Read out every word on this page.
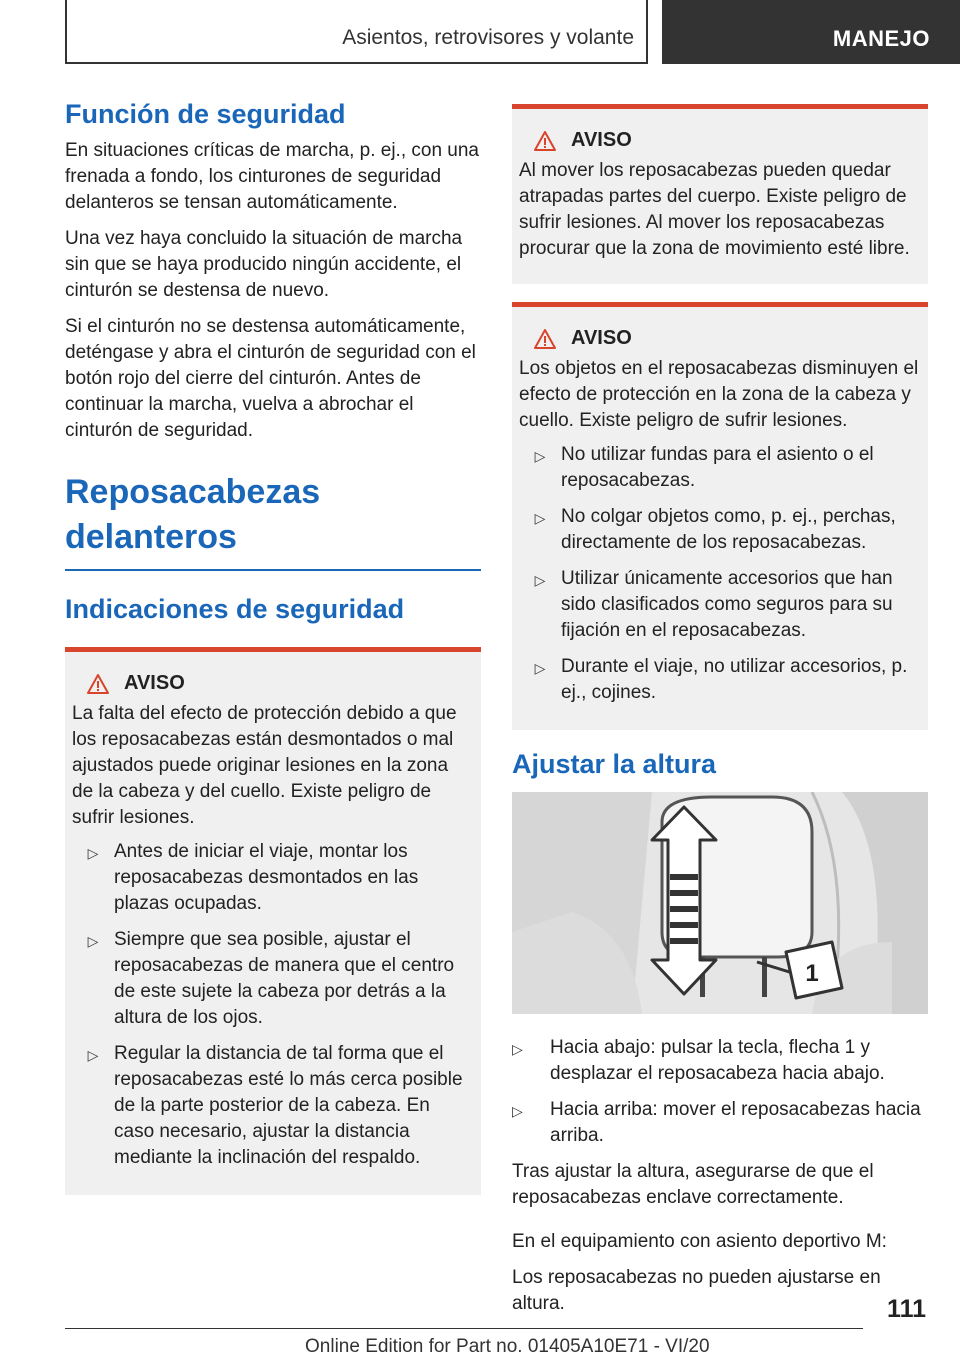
Asientos, retrovisores y volante	MANEJO
Función de seguridad

En situaciones críticas de marcha, p. ej., con una frenada a fondo, los cinturones de seguridad delanteros se tensan automáticamente.

Una vez haya concluido la situación de marcha sin que se haya producido ningún accidente, el cinturón se destensa de nuevo.

Si el cinturón no se destensa automáticamente, deténgase y abra el cinturón de seguridad con el botón rojo del cierre del cinturón. Antes de continuar la marcha, vuelva a abrochar el cinturón de seguridad.

Reposacabezas delanteros
Indicaciones de seguridad
AVISO

La falta del efecto de protección debido a que los reposacabezas están desmontados o mal ajustados puede originar lesiones en la zona de la cabeza y del cuello. Existe peligro de sufrir lesiones.

▷ Antes de iniciar el viaje, montar los reposacabezas desmontados en las plazas ocupadas.
▷ Siempre que sea posible, ajustar el reposacabezas de manera que el centro de este sujete la cabeza por detrás a la altura de los ojos.
▷ Regular la distancia de tal forma que el reposacabezas esté lo más cerca posible de la parte posterior de la cabeza. En caso necesario, ajustar la distancia mediante la inclinación del respaldo.
AVISO

Al mover los reposacabezas pueden quedar atrapadas partes del cuerpo. Existe peligro de sufrir lesiones. Al mover los reposacabezas procurar que la zona de movimiento esté libre.

AVISO

Los objetos en el reposacabezas disminuyen el efecto de protección en la zona de la cabeza y cuello. Existe peligro de sufrir lesiones.

▷ No utilizar fundas para el asiento o el reposacabezas.
▷ No colgar objetos como, p. ej., perchas, directamente de los reposacabezas.
▷ Utilizar únicamente accesorios que han sido clasificados como seguros para su fijación en el reposacabezas.
▷ Durante el viaje, no utilizar accesorios, p. ej., cojines.
Ajustar la altura
1
▷	Hacia abajo: pulsar la tecla, flecha 1 y desplazar el reposacabeza hacia abajo.
▷	Hacia arriba: mover el reposacabezas hacia arriba.

Tras ajustar la altura, asegurarse de que el reposacabezas enclave correctamente.

En el equipamiento con asiento deportivo M:

Los reposacabezas no pueden ajustarse en altura.	111
Online Edition for Part no. 01405A10E71 - VI/20
